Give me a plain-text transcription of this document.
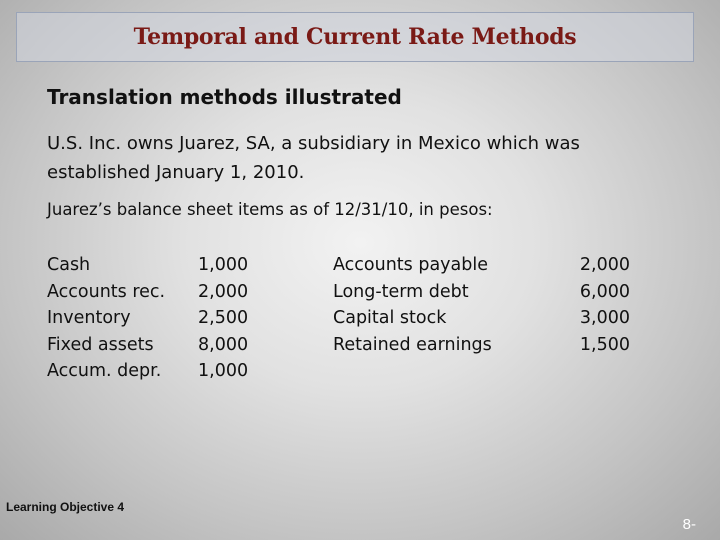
Temporal and Current Rate Methods
Translation methods illustrated
U.S. Inc. owns Juarez, SA, a subsidiary in Mexico which was
established January 1, 2010.
Juarez’s balance sheet items as of 12/31/10, in pesos:
Cash
Accounts rec.
Inventory
Fixed assets
Accum. depr.
1,000
2,000
2,500
8,000
1,000
Accounts payable
Long-term debt
Capital stock
Retained earnings
2,000
6,000
3,000
1,500
Learning Objective 4
8-
